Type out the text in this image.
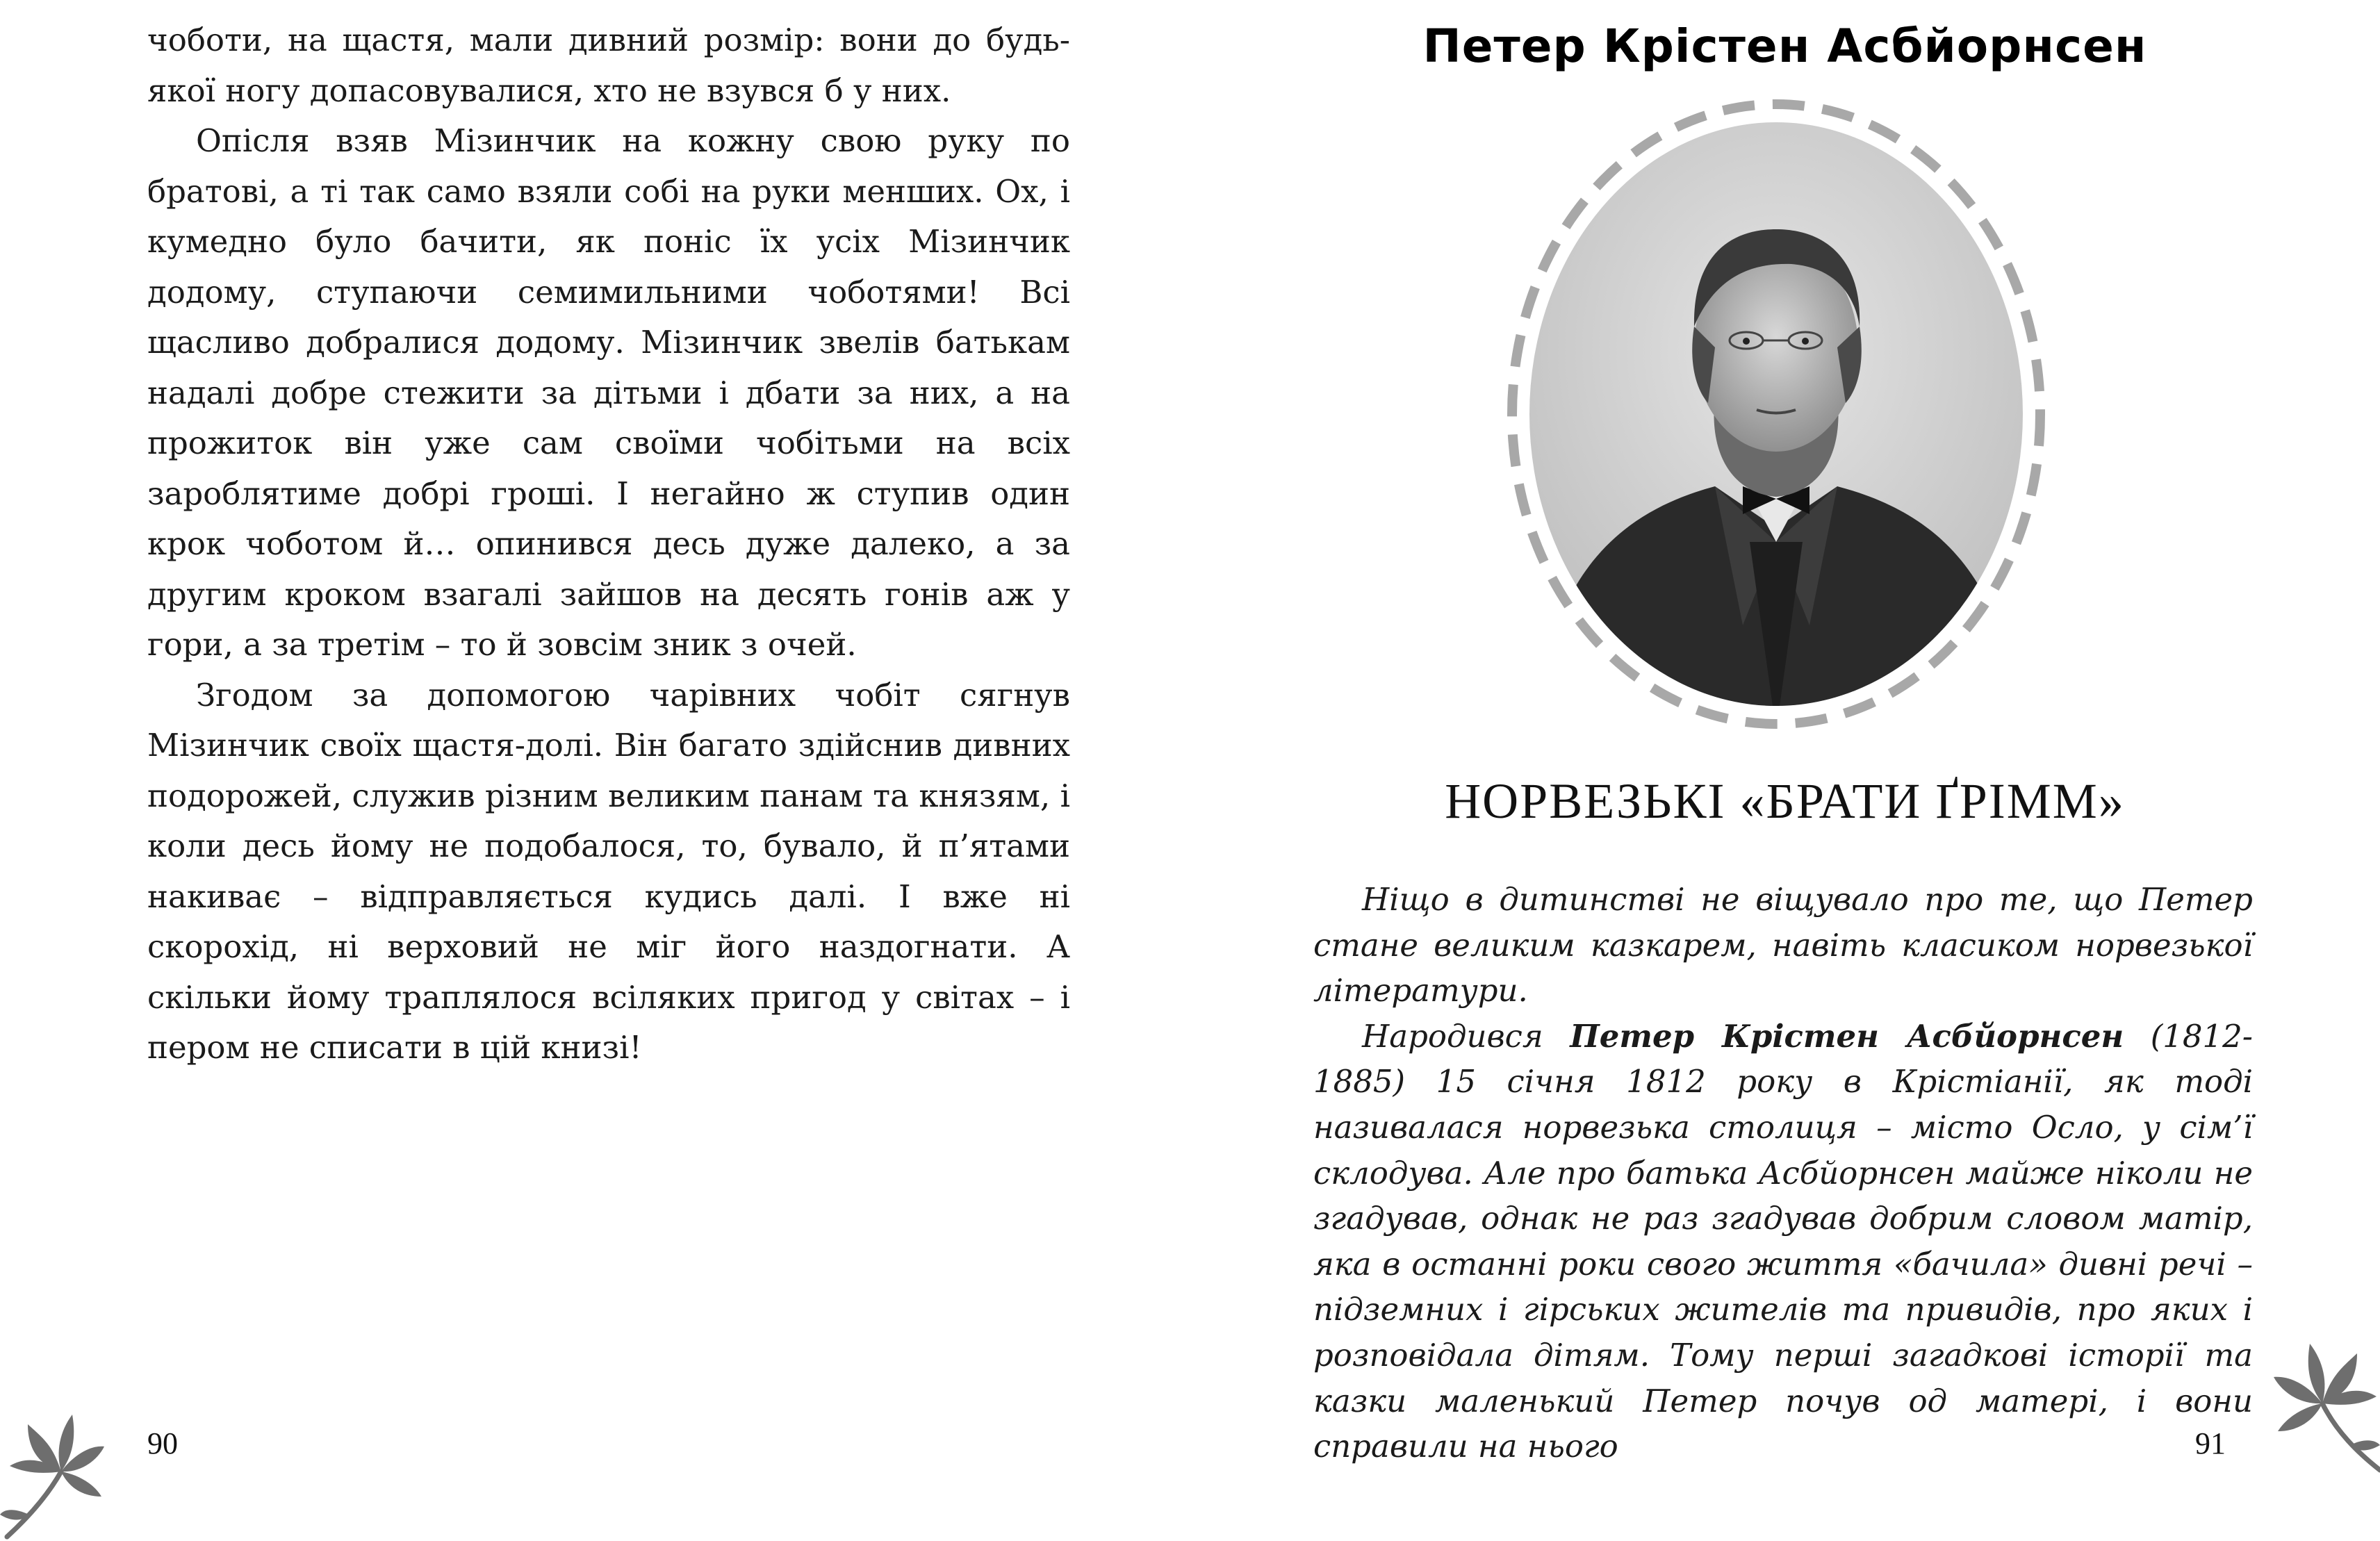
чоботи, на щастя, мали дивний розмір: вони до будь-якої ногу допасовувалися, хто не взувся б у них.

Опісля взяв Мізинчик на кожну свою руку по братові, а ті так само взяли собі на руки менших. Ох, і кумедно було бачити, як поніс їх усіх Мізинчик додому, ступаючи семимильними чоботями! Всі щасливо добралися додому. Мізинчик звелів батькам надалі добре стежити за дітьми і дбати за них, а на прожиток він уже сам своїми чобітьми на всіх зароблятиме добрі гроші. І негайно ж ступив один крок чоботом й… опинився десь дуже далеко, а за другим кроком взагалі зайшов на десять гонів аж у гори, а за третім – то й зовсім зник з очей.

Згодом за допомогою чарівних чобіт сягнув Мізинчик своїх щастя-долі. Він багато здійснив дивних подорожей, служив різним великим панам та князям, і коли десь йому не подобалося, то, бувало, й п’ятами накиває – відправляється кудись далі. І вже ні скорохід, ні верховий не міг його наздогнати. А скільки йому траплялося всіляких пригод у світах – і пером не списати в цій книзі!

90
Петер Крістен Асбйорнсен
НОРВЕЗЬКІ «БРАТИ ҐРІММ»

Ніщо в дитинстві не віщувало про те, що Петер стане великим казкарем, навіть класиком норвезької літератури.

Народився Петер Крістен Асбйорнсен (1812-1885) 15 січня 1812 року в Крістіанії, як тоді називалася норвезька столиця – місто Осло, у сім’ї склодува. Але про батька Асбйорнсен майже ніколи не згадував, однак не раз згадував добрим словом матір, яка в останні роки свого життя «бачила» дивні речі – підземних і гірських жителів та привидів, про яких і розповідала дітям. Тому перші загадкові історії та казки маленький Петер почув од матері, і вони справили на нього	91
